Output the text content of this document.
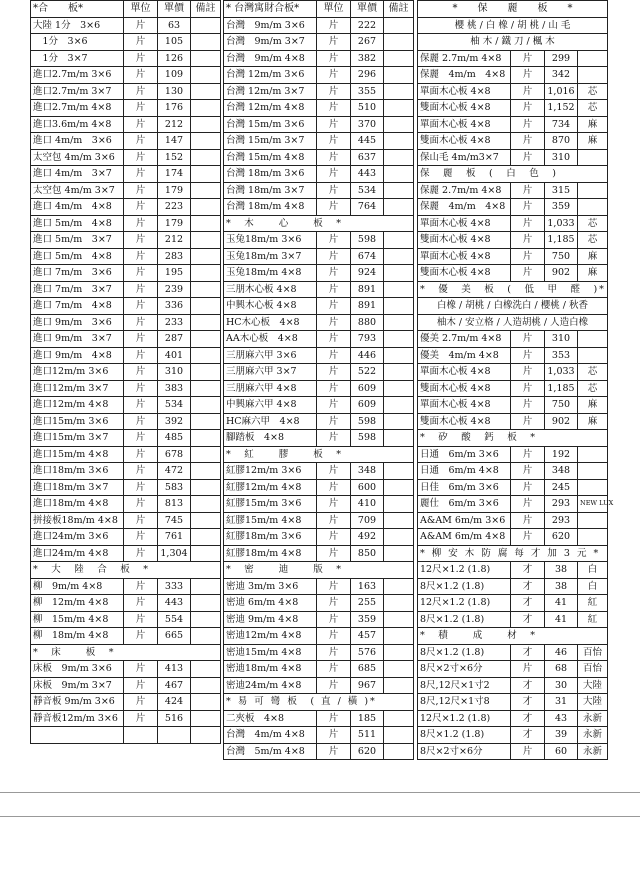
*合　　板*	單位	單價	備註
大陸 1分　3×6	片	63	
　1分　3×6	片	105	
　1分　3×7	片	126	
進口2.7m/m 3×6	片	109	
進口2.7m/m 3×7	片	130	
進口2.7m/m 4×8	片	176	
進口3.6m/m 4×8	片	212	
進口 4m/m　3×6	片	147	
太空包 4m/m 3×6	片	152	
進口 4m/m　3×7	片	174	
太空包 4m/m 3×7	片	179	
進口 4m/m　4×8	片	223	
進口 5m/m　4×8	片	179	
進口 5m/m　3×7	片	212	
進口 5m/m　4×8	片	283	
進口 7m/m　3×6	片	195	
進口 7m/m　3×7	片	239	
進口 7m/m　4×8	片	336	
進口 9m/m　3×6	片	233	
進口 9m/m　3×7	片	287	
進口 9m/m　4×8	片	401	
進口12m/m 3×6	片	310	
進口12m/m 3×7	片	383	
進口12m/m 4×8	片	534	
進口15m/m 3×6	片	392	
進口15m/m 3×7	片	485	
進口15m/m 4×8	片	678	
進口18m/m 3×6	片	472	
進口18m/m 3×7	片	583	
進口18m/m 4×8	片	813	
拼接板18m/m 4×8	片	745	
進口24m/m 3×6	片	761	
進口24m/m 4×8	片	1,304	
*　大　陸　合　板　*			
柳　9m/m 4×8	片	333	
柳　12m/m 4×8	片	443	
柳　15m/m 4×8	片	554	
柳　18m/m 4×8	片	665	
*　床　　板　*			
床板　9m/m 3×6	片	413	
床板　9m/m 3×7	片	467	
靜音板 9m/m 3×6	片	424	
靜音板12m/m 3×6	片	516	

* 台灣寓財合板*	單位	單價	備註
台灣　9m/m 3×6	片	222	
台灣　9m/m 3×7	片	267	
台灣　9m/m 4×8	片	382	
台灣 12m/m 3×6	片	296	
台灣 12m/m 3×7	片	355	
台灣 12m/m 4×8	片	510	
台灣 15m/m 3×6	片	370	
台灣 15m/m 3×7	片	445	
台灣 15m/m 4×8	片	637	
台灣 18m/m 3×6	片	443	
台灣 18m/m 3×7	片	534	
台灣 18m/m 4×8	片	764	
*　木　　心　　板　*			
玉兔18m/m 3×6	片	598	
玉兔18m/m 3×7	片	674	
玉兔18m/m 4×8	片	924	
三朋木心板 4×8	片	891	
中興木心板 4×8	片	891	
HC木心板　4×8	片	880	
AA木心板　4×8	片	793	
三朋麻六甲 3×6	片	446	
三朋麻六甲 3×7	片	522	
三朋麻六甲 4×8	片	609	
中興麻六甲 4×8	片	609	
HC麻六甲　4×8	片	598	
腳踏板　4×8	片	598	
*　紅　　膠　　板　*			
紅膠12m/m 3×6	片	348	
紅膠12m/m 4×8	片	600	
紅膠15m/m 3×6	片	410	
紅膠15m/m 4×8	片	709	
紅膠18m/m 3×6	片	492	
紅膠18m/m 4×8	片	850	
*　密　　迪　　版　*			
密迪 3m/m 3×6	片	163	
密迪 6m/m 4×8	片	255	
密迪 9m/m 4×8	片	359	
密迪12m/m 4×8	片	457	
密迪15m/m 4×8	片	576	
密迪18m/m 4×8	片	685	
密迪24m/m 4×8	片	967	
* 易 可 彎 板　( 直 / 橫 )*			
二夾板　4×8	片	185	
台灣　4m/m 4×8	片	511	
台灣　5m/m 4×8	片	620	
*　　保　　麗　　板　　*			
櫻 桃 / 白 橡 / 胡 桃 / 山 毛			
柚 木 / 鐵 刀 / 楓 木			
保麗 2.7m/m 4×8	片	299	
保麗　4m/m　4×8	片	342	
單面木心板 4×8	片	1,016	芯
雙面木心板 4×8	片	1,152	芯
單面木心板 4×8	片	734	麻
雙面木心板 4×8	片	870	麻
保山毛 4m/m3×7	片	310	
保　麗　板　(　白　色　)			
保麗 2.7m/m 4×8	片	315	
保麗　4m/m　4×8	片	359	
單面木心板 4×8	片	1,033	芯
雙面木心板 4×8	片	1,185	芯
單面木心板 4×8	片	750	麻
雙面木心板 4×8	片	902	麻
*　優　美　板　(　低　甲　醛　)*			
白橡 / 胡桃 / 白橡洗白 / 櫻桃 / 秋香			
柚木 / 安立格 / 人造胡桃 / 人造白橡			
優美 2.7m/m 4×8	片	310	
優美　4m/m 4×8	片	353	
單面木心板 4×8	片	1,033	芯
雙面木心板 4×8	片	1,185	芯
單面木心板 4×8	片	750	麻
雙面木心板 4×8	片	902	麻
*　矽　酸　鈣　板　*			
日通　6m/m 3×6	片	192	
日通　6m/m 4×8	片	348	
日佳　6m/m 3×6	片	245	
麗仕　6m/m 3×6	片	293	NEW LUX
A&AM 6m/m 3×6	片	293	
A&AM 6m/m 4×8	片	620	
* 柳 安 木 防 腐 每 才 加 3 元 *			
12尺×1.2 (1.8)	才	38	白
8尺×1.2 (1.8)	才	38	白
12尺×1.2 (1.8)	才	41	紅
8尺×1.2 (1.8)	才	41	紅
*　積　　成　　材　*			
8尺×1.2 (1.8)	才	46	百怡
8尺×2寸×6分	片	68	百怡
8尺,12尺×1寸2	才	30	大陸
8尺,12尺×1寸8	才	31	大陸
12尺×1.2 (1.8)	才	43	永新
8尺×1.2 (1.8)	才	39	永新
8尺×2寸×6分	片	60	永新
